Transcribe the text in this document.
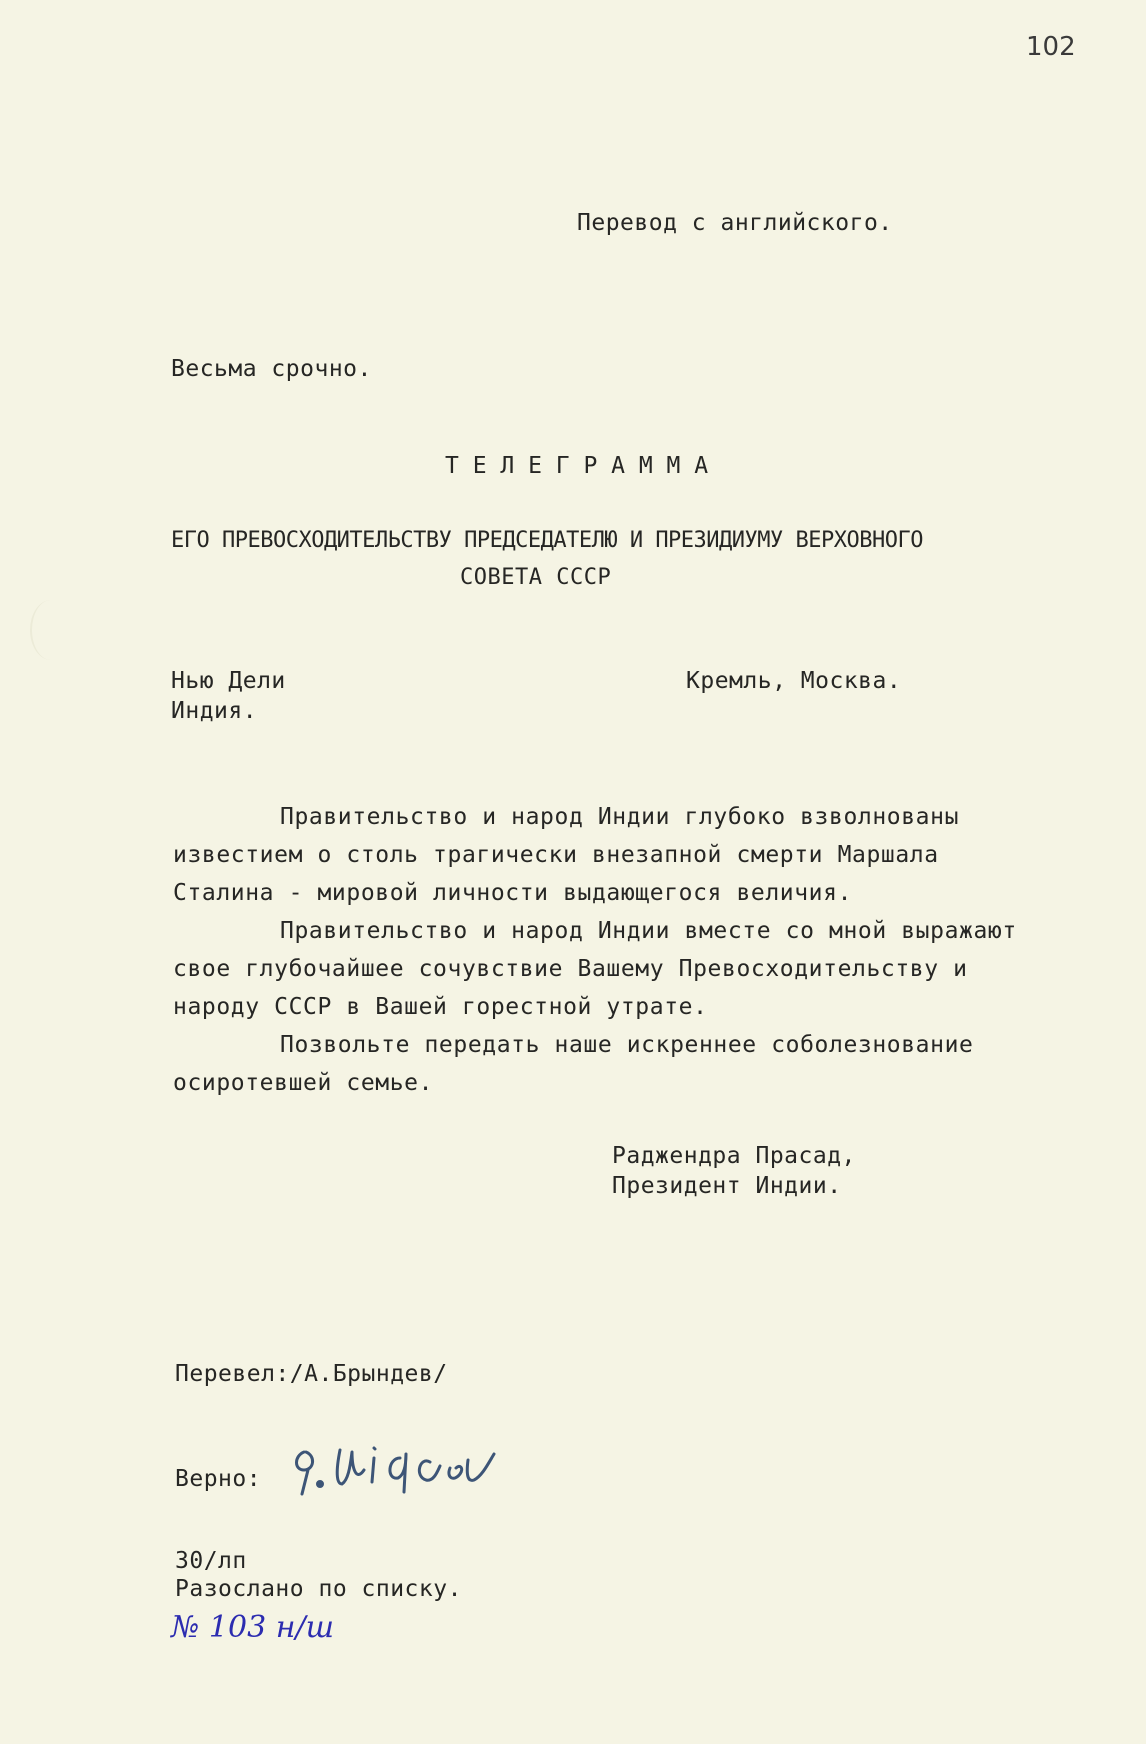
102
Перевод с английского.
Весьма срочно.
Т Е Л Е Г Р А М М А
ЕГО ПРЕВОСХОДИТЕЛЬСТВУ ПРЕДСЕДАТЕЛЮ И ПРЕЗИДИУМУ ВЕРХОВНОГО
СОВЕТА СССР
Нью Дели
Индия.
Кремль, Москва.
Правительство и народ Индии глубоко взволнованы
известием о столь трагически внезапной смерти Маршала
Сталина - мировой личности выдающегося величия.
Правительство и народ Индии вместе со мной выражают
свое глубочайшее сочувствие Вашему Превосходительству и
народу СССР в Вашей горестной утрате.
Позвольте передать наше искреннее соболезнование
осиротевшей семье.
Раджендра Прасад,
Президент Индии.
Перевел:/А.Брындев/
Верно:
30/лп
Разослано по списку.
№ 103 н/ш
